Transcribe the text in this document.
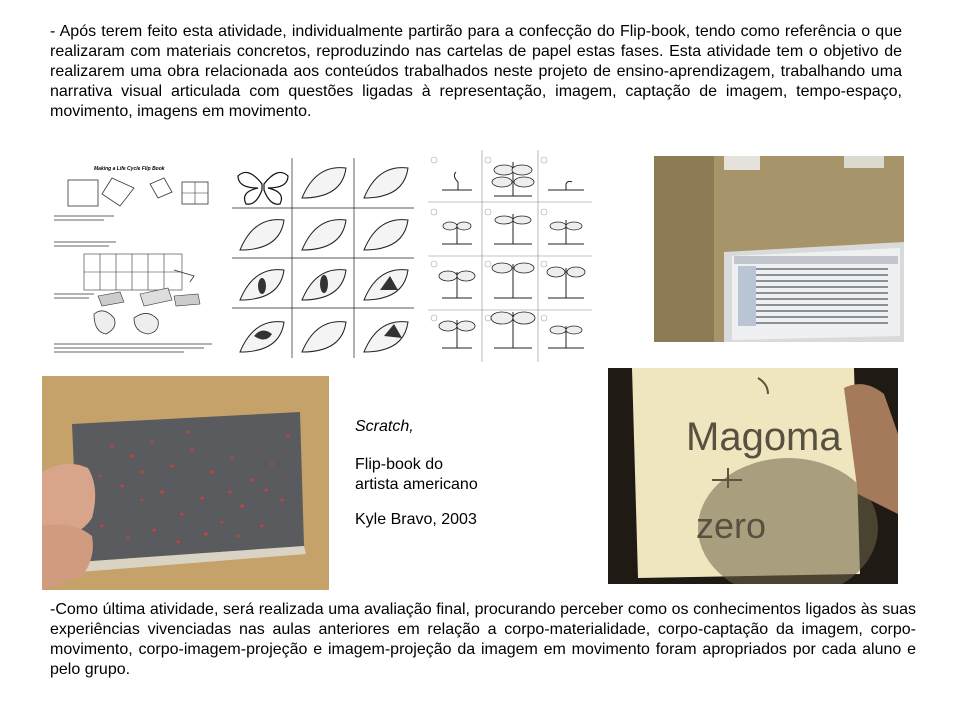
- Após terem feito esta atividade, individualmente partirão para a confecção do Flip-book, tendo como referência o que realizaram com materiais concretos, reproduzindo nas cartelas de papel estas fases. Esta atividade tem o objetivo de realizarem uma obra relacionada aos conteúdos trabalhados neste projeto de ensino-aprendizagem, trabalhando uma narrativa visual articulada com questões ligadas à representação, imagem, captação de imagem, tempo-espaço, movimento, imagens em movimento.

Making a Life Cycle Flip Book

Scratch,

Flip-book do

artista americano

Kyle Bravo, 2003

Magoma
zero

-Como última atividade, será realizada uma avaliação final, procurando perceber como os conhecimentos ligados às suas experiências vivenciadas nas aulas anteriores em relação a corpo-materialidade, corpo-captação da imagem, corpo-movimento, corpo-imagem-projeção e imagem-projeção da imagem em movimento foram apropriados por cada aluno e pelo grupo.
